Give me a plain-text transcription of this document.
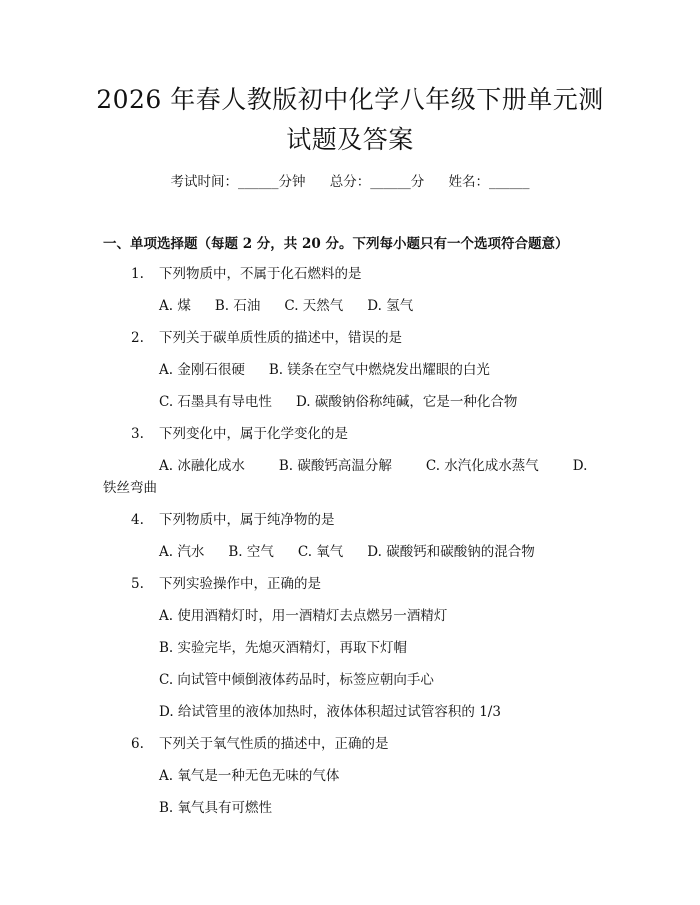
2026 年春人教版初中化学八年级下册单元测
试题及答案
考试时间：______分钟 总分：______分 姓名：______
一、单项选择题（每题 2 分，共 20 分。下列每小题只有一个选项符合题意）
1. 下列物质中，不属于化石燃料的是
A. 煤 B. 石油 C. 天然气 D. 氢气
2. 下列关于碳单质性质的描述中，错误的是
A. 金刚石很硬 B. 镁条在空气中燃烧发出耀眼的白光
C. 石墨具有导电性 D. 碳酸钠俗称纯碱，它是一种化合物
3. 下列变化中，属于化学变化的是
A. 冰融化成水	B. 碳酸钙高温分解	C. 水汽化成水蒸气	D.
铁丝弯曲
4. 下列物质中，属于纯净物的是
A. 汽水 B. 空气 C. 氧气 D. 碳酸钙和碳酸钠的混合物
5. 下列实验操作中，正确的是
A. 使用酒精灯时，用一酒精灯去点燃另一酒精灯
B. 实验完毕，先熄灭酒精灯，再取下灯帽
C. 向试管中倾倒液体药品时，标签应朝向手心
D. 给试管里的液体加热时，液体体积超过试管容积的 1/3
6. 下列关于氧气性质的描述中，正确的是
A. 氧气是一种无色无味的气体
B. 氧气具有可燃性
